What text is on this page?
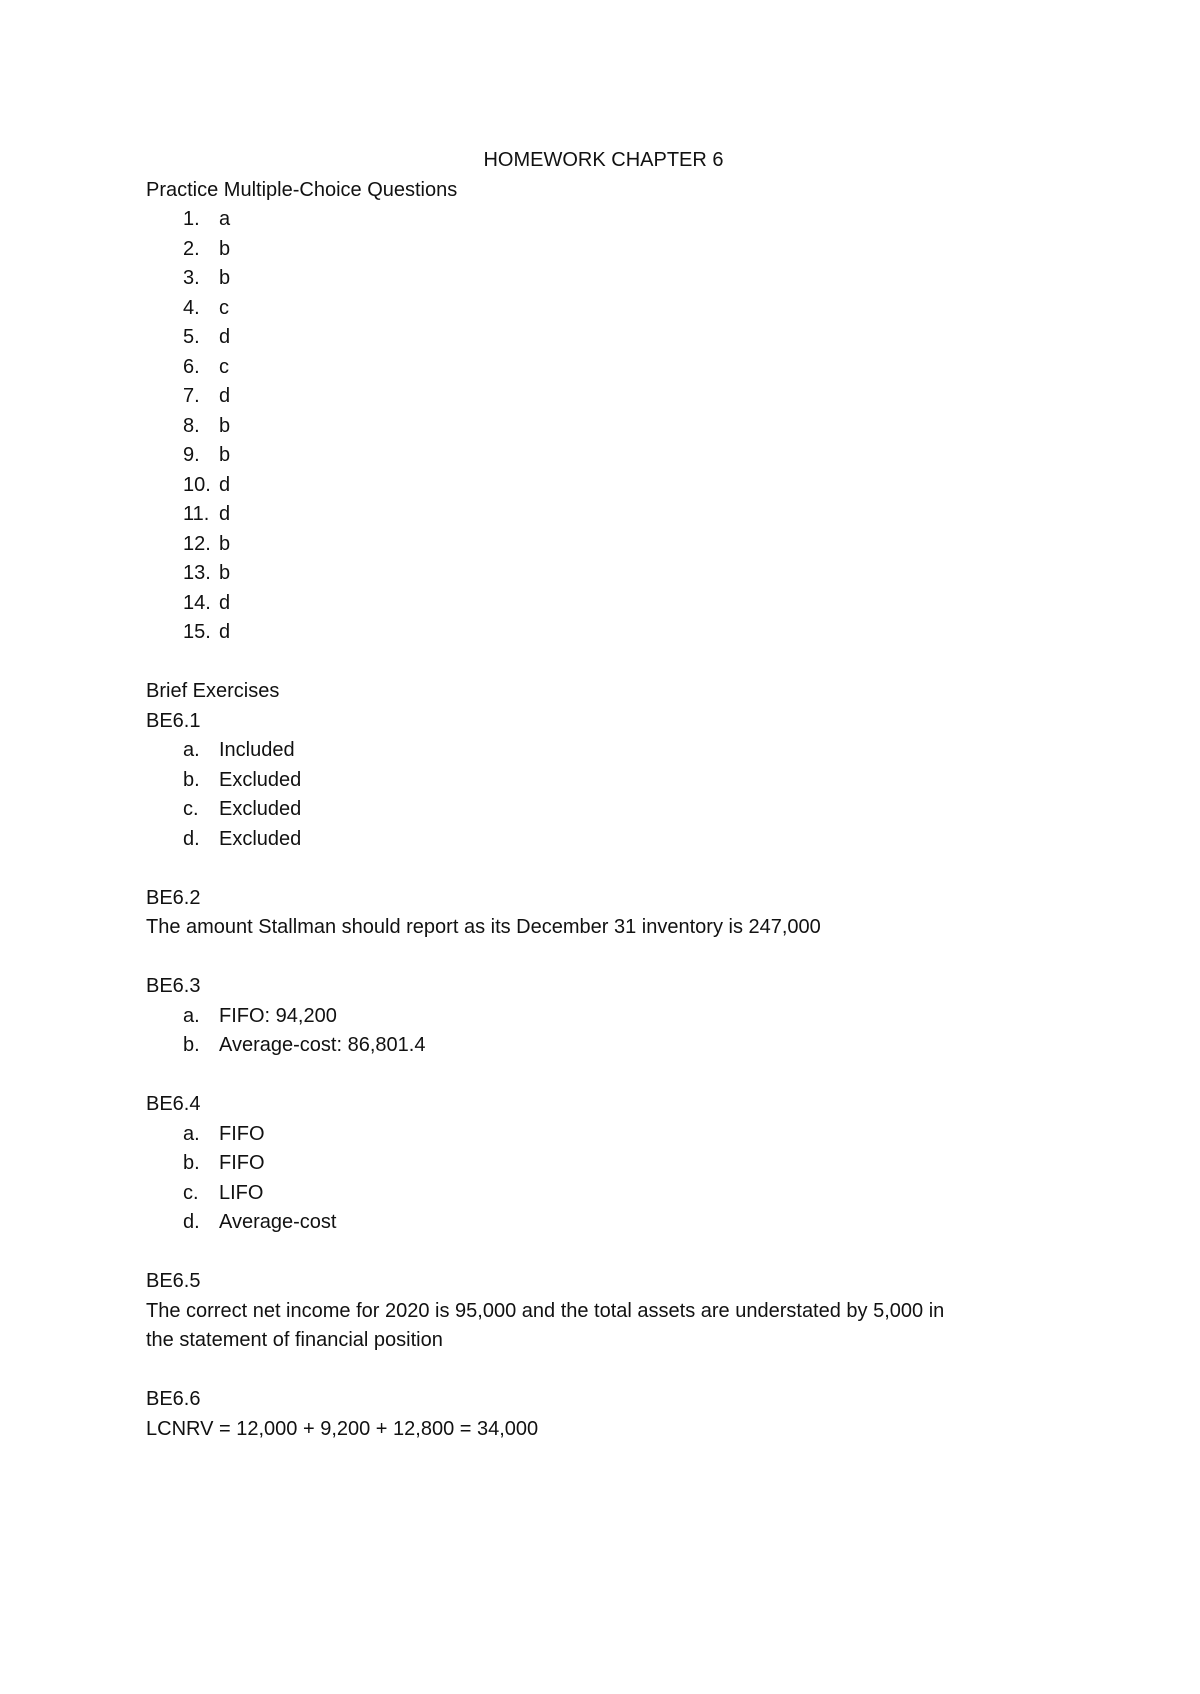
HOMEWORK CHAPTER 6
Practice Multiple-Choice Questions
1. a
2. b
3. b
4. c
5. d
6. c
7. d
8. b
9. b
10. d
11. d
12. b
13. b
14. d
15. d
Brief Exercises
BE6.1
a. Included
b. Excluded
c. Excluded
d. Excluded
BE6.2
The amount Stallman should report as its December 31 inventory is 247,000
BE6.3
a. FIFO: 94,200
b. Average-cost: 86,801.4
BE6.4
a. FIFO
b. FIFO
c. LIFO
d. Average-cost
BE6.5
The correct net income for 2020 is 95,000 and the total assets are understated by 5,000 in
the statement of financial position
BE6.6
LCNRV = 12,000 + 9,200 + 12,800 = 34,000
